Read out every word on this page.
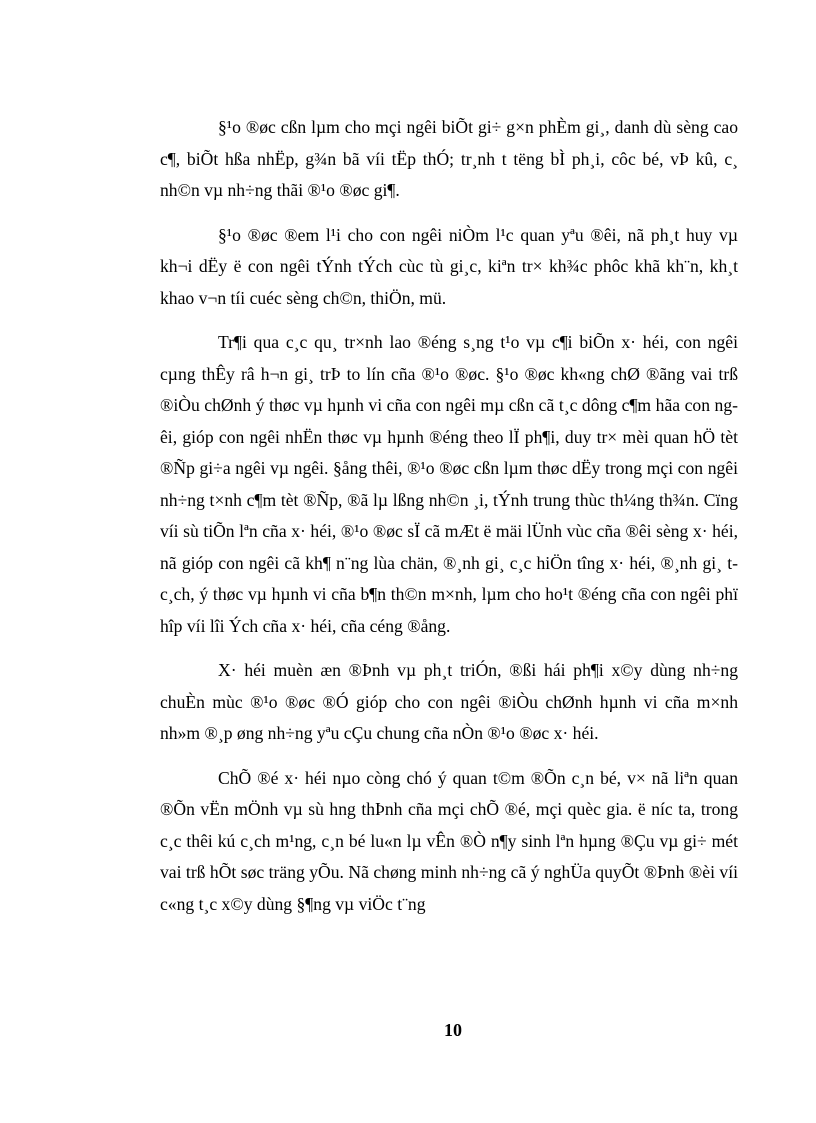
§¹o ®øc cßn lµm cho mçi ngêi biÕt gi÷ g×n phÈm gi¸, danh dù sèng cao c¶, biÕt hßa nhËp, g¾n bã víi tËp thÓ; tr¸nh t tëng bÌ ph¸i, côc bé, vÞ kû, c¸ nh©n vµ nh÷ng thãi ®¹o ®øc gi¶.

§¹o ®øc ®em l¹i cho con ngêi niÒm l¹c quan yªu ®êi, nã ph¸t huy vµ kh¬i dËy ë con ngêi tÝnh tÝch cùc tù gi¸c, kiªn tr× kh¾c phôc khã kh¨n, kh¸t khao v¬n tíi cuéc sèng ch©n, thiÖn, mü.

Tr¶i qua c¸c qu¸ tr×nh lao ®éng s¸ng t¹o vµ c¶i biÕn x· héi, con ngêi cµng thÊy râ h¬n gi¸ trÞ to lín cña ®¹o ®øc. §¹o ®øc kh«ng chØ ®ãng vai trß ®iÒu chØnh ý thøc vµ hµnh vi cña con ngêi mµ cßn cã t¸c dông c¶m hãa con ngêi, gióp con ngêi nhËn thøc vµ hµnh ®éng theo lÏ ph¶i, duy tr× mèi quan hÖ tèt ®Ñp gi÷a ngêi vµ ngêi. §ång thêi, ®¹o ®øc cßn lµm thøc dËy trong mçi con ngêi nh÷ng t×nh c¶m tèt ®Ñp, ®ã lµ lßng nh©n ¸i, tÝnh trung thùc th¼ng th¾n. Cïng víi sù tiÕn lªn cña x· héi, ®¹o ®øc sÏ cã mÆt ë mäi lÜnh vùc cña ®êi sèng x· héi, nã gióp con ngêi cã kh¶ n¨ng lùa chän, ®¸nh gi¸ c¸c hiÖn tîng x· héi, ®¸nh gi¸ t c¸ch, ý thøc vµ hµnh vi cña b¶n th©n m×nh, lµm cho ho¹t ®éng cña con ngêi phï hîp víi lîi Ých cña x· héi, cña céng ®ång.

X· héi muèn æn ®Þnh vµ ph¸t triÓn, ®ßi hái ph¶i x©y dùng nh÷ng chuÈn mùc ®¹o ®øc ®Ó gióp cho con ngêi ®iÒu chØnh hµnh vi cña m×nh nh»m ®¸p øng nh÷ng yªu cÇu chung cña nÒn ®¹o ®øc x· héi.

ChÕ ®é x· héi nµo còng chó ý quan t©m ®Õn c¸n bé, v× nã liªn quan ®Õn vËn mÖnh vµ sù hng thÞnh cña mçi chÕ ®é, mçi quèc gia. ë níc ta, trong c¸c thêi kú c¸ch m¹ng, c¸n bé lu«n lµ vÊn ®Ò n¶y sinh lªn hµng ®Çu vµ gi÷ mét vai trß hÕt søc träng yÕu. Nã chøng minh nh÷ng cã ý nghÜa quyÕt ®Þnh ®èi víi c«ng t¸c x©y dùng §¶ng vµ viÖc t¨ng

10
